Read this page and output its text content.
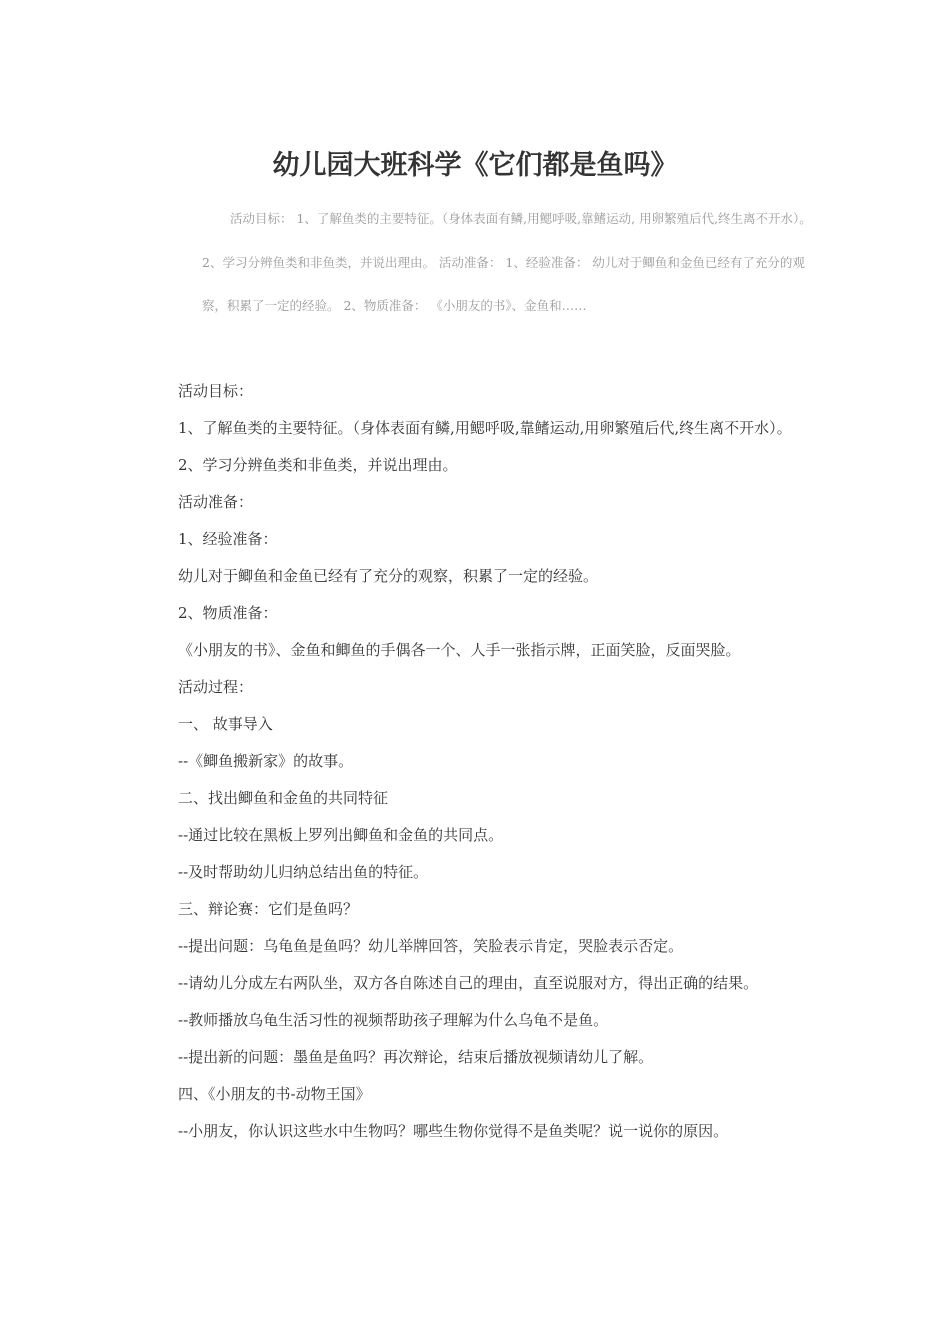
幼儿园大班科学《它们都是鱼吗》
活动目标： 1、了解鱼类的主要特征。（身体表面有鳞,用鳃呼吸,靠鳍运动, 用卵繁殖后代,终生离不开水）。 2、学习分辨鱼类和非鱼类，并说出理由。 活动准备： 1、经验准备： 幼儿对于鲫鱼和金鱼已经有了充分的观察，积累了一定的经验。 2、物质准备： 《小朋友的书》、金鱼和……

活动目标：

1、了解鱼类的主要特征。（身体表面有鳞,用鳃呼吸,靠鳍运动,用卵繁殖后代,终生离不开水）。

2、学习分辨鱼类和非鱼类，并说出理由。

活动准备：

1、经验准备：

幼儿对于鲫鱼和金鱼已经有了充分的观察，积累了一定的经验。

2、物质准备：

《小朋友的书》、金鱼和鲫鱼的手偶各一个、人手一张指示牌，正面笑脸，反面哭脸。

活动过程：

一、 故事导入

--《鲫鱼搬新家》的故事。

二、找出鲫鱼和金鱼的共同特征

--通过比较在黑板上罗列出鲫鱼和金鱼的共同点。

--及时帮助幼儿归纳总结出鱼的特征。

三、辩论赛：它们是鱼吗？

--提出问题：乌龟鱼是鱼吗？幼儿举牌回答，笑脸表示肯定，哭脸表示否定。

--请幼儿分成左右两队坐，双方各自陈述自己的理由，直至说服对方，得出正确的结果。

--教师播放乌龟生活习性的视频帮助孩子理解为什么乌龟不是鱼。

--提出新的问题：墨鱼是鱼吗？再次辩论，结束后播放视频请幼儿了解。

四、《小朋友的书-动物王国》

--小朋友，你认识这些水中生物吗？哪些生物你觉得不是鱼类呢？说一说你的原因。
